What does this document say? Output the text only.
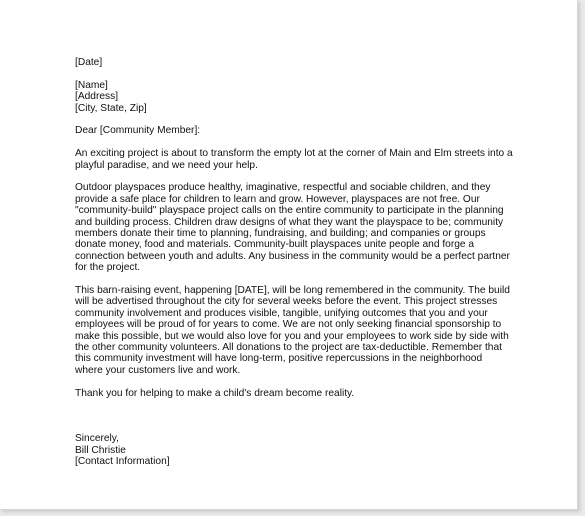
[Date]

[Name]
[Address]
[City, State, Zip]

Dear [Community Member]:

An exciting project is about to transform the empty lot at the corner of Main and Elm streets into a
playful paradise, and we need your help.

Outdoor playspaces produce healthy, imaginative, respectful and sociable children, and they
provide a safe place for children to learn and grow. However, playspaces are not free. Our
"community-build" playspace project calls on the entire community to participate in the planning
and building process. Children draw designs of what they want the playspace to be; community
members donate their time to planning, fundraising, and building; and companies or groups
donate money, food and materials. Community-built playspaces unite people and forge a
connection between youth and adults. Any business in the community would be a perfect partner
for the project.

This barn-raising event, happening [DATE], will be long remembered in the community. The build
will be advertised throughout the city for several weeks before the event. This project stresses
community involvement and produces visible, tangible, unifying outcomes that you and your
employees will be proud of for years to come. We are not only seeking financial sponsorship to
make this possible, but we would also love for you and your employees to work side by side with
the other community volunteers. All donations to the project are tax-deductible. Remember that
this community investment will have long-term, positive repercussions in the neighborhood
where your customers live and work.

Thank you for helping to make a child's dream become reality.

Sincerely,
Bill Christie
[Contact Information]
